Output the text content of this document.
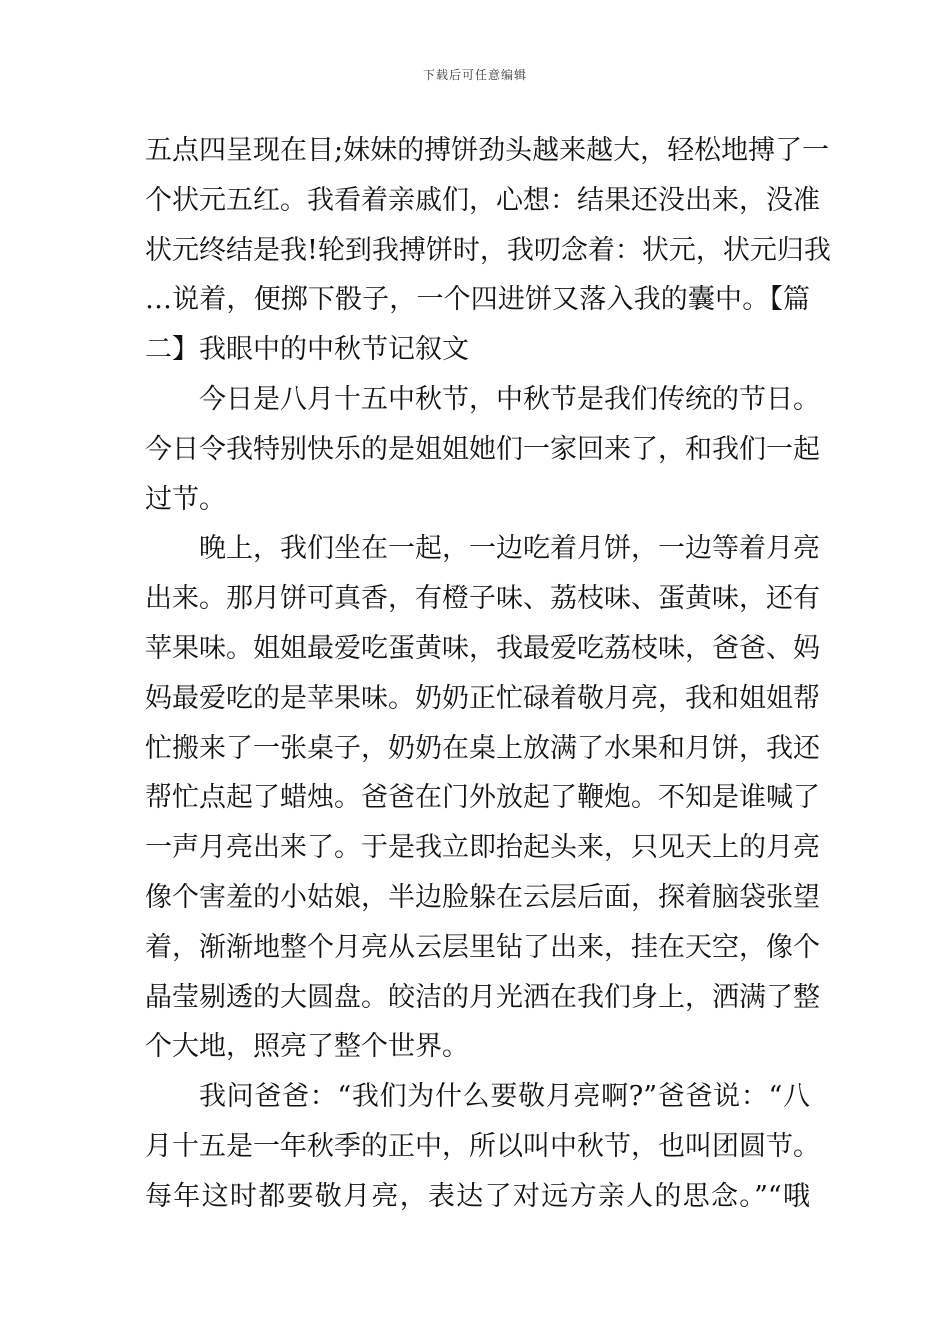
下载后可任意编辑
五点四呈现在目;妹妹的搏饼劲头越来越大，轻松地搏了一
个状元五红。我看着亲戚们，心想：结果还没出来，没准
状元终结是我!轮到我搏饼时，我叨念着：状元，状元归我
…说着，便掷下骰子，一个四进饼又落入我的囊中。【篇
二】我眼中的中秋节记叙文
今日是八月十五中秋节，中秋节是我们传统的节日。
今日令我特别快乐的是姐姐她们一家回来了，和我们一起
过节。
晚上，我们坐在一起，一边吃着月饼，一边等着月亮
出来。那月饼可真香，有橙子味、荔枝味、蛋黄味，还有
苹果味。姐姐最爱吃蛋黄味，我最爱吃荔枝味，爸爸、妈
妈最爱吃的是苹果味。奶奶正忙碌着敬月亮，我和姐姐帮
忙搬来了一张桌子，奶奶在桌上放满了水果和月饼，我还
帮忙点起了蜡烛。爸爸在门外放起了鞭炮。不知是谁喊了
一声月亮出来了。于是我立即抬起头来，只见天上的月亮
像个害羞的小姑娘，半边脸躲在云层后面，探着脑袋张望
着，渐渐地整个月亮从云层里钻了出来，挂在天空，像个
晶莹剔透的大圆盘。皎洁的月光洒在我们身上，洒满了整
个大地，照亮了整个世界。
我问爸爸：“我们为什么要敬月亮啊?”爸爸说：“八
月十五是一年秋季的正中，所以叫中秋节，也叫团圆节。
每年这时都要敬月亮，表达了对远方亲人的思念。”“哦
